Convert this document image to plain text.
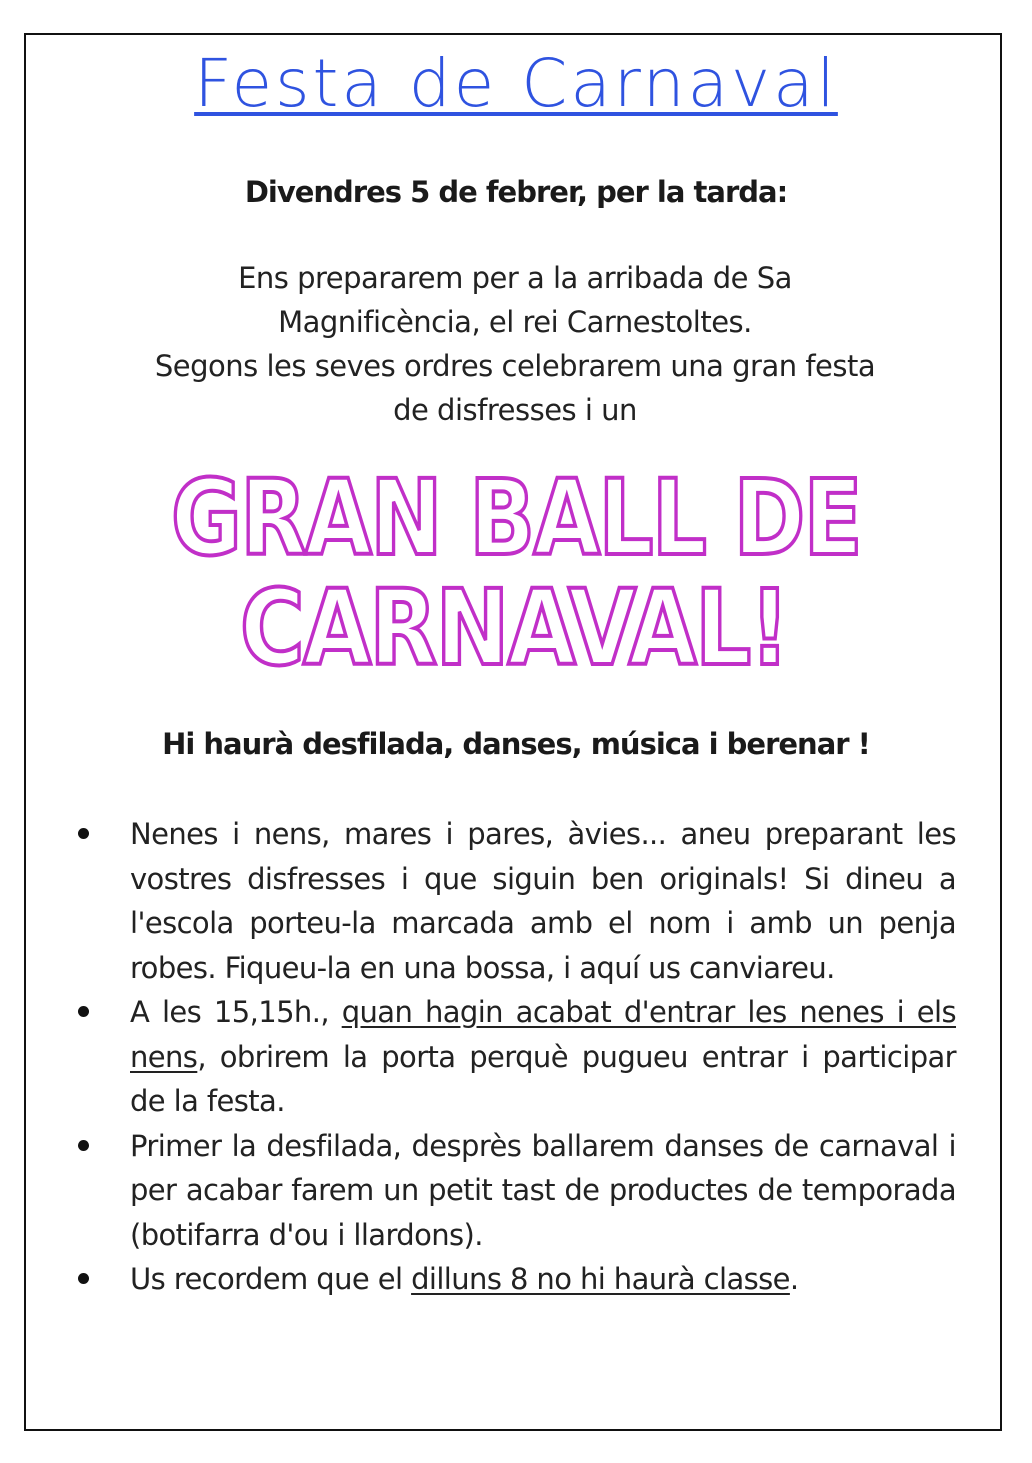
Festa de Carnaval
Divendres 5 de febrer, per la tarda:

Ens prepararem per a la arribada de Sa

Magnificència, el rei Carnestoltes.

Segons les seves ordres celebrarem una gran festa

de disfresses i un

GRAN BALL DE
CARNAVAL!
Hi haurà desfilada, danses, música i berenar !
Nenes i nens, mares i pares, àvies... aneu preparant les vostres disfresses i que siguin ben originals! Si dineu a l'escola porteu-la marcada amb el nom i amb un penja robes. Fiqueu-la en una bossa, i aquí us canviareu.
A les 15,15h., quan hagin acabat d'entrar les nenes i els nens, obrirem la porta perquè pugueu entrar i participar de la festa.
Primer la desfilada, desprès ballarem danses de carnaval i per acabar farem un petit tast de productes de temporada (botifarra d'ou i llardons).
Us recordem que el dilluns 8 no hi haurà classe.
